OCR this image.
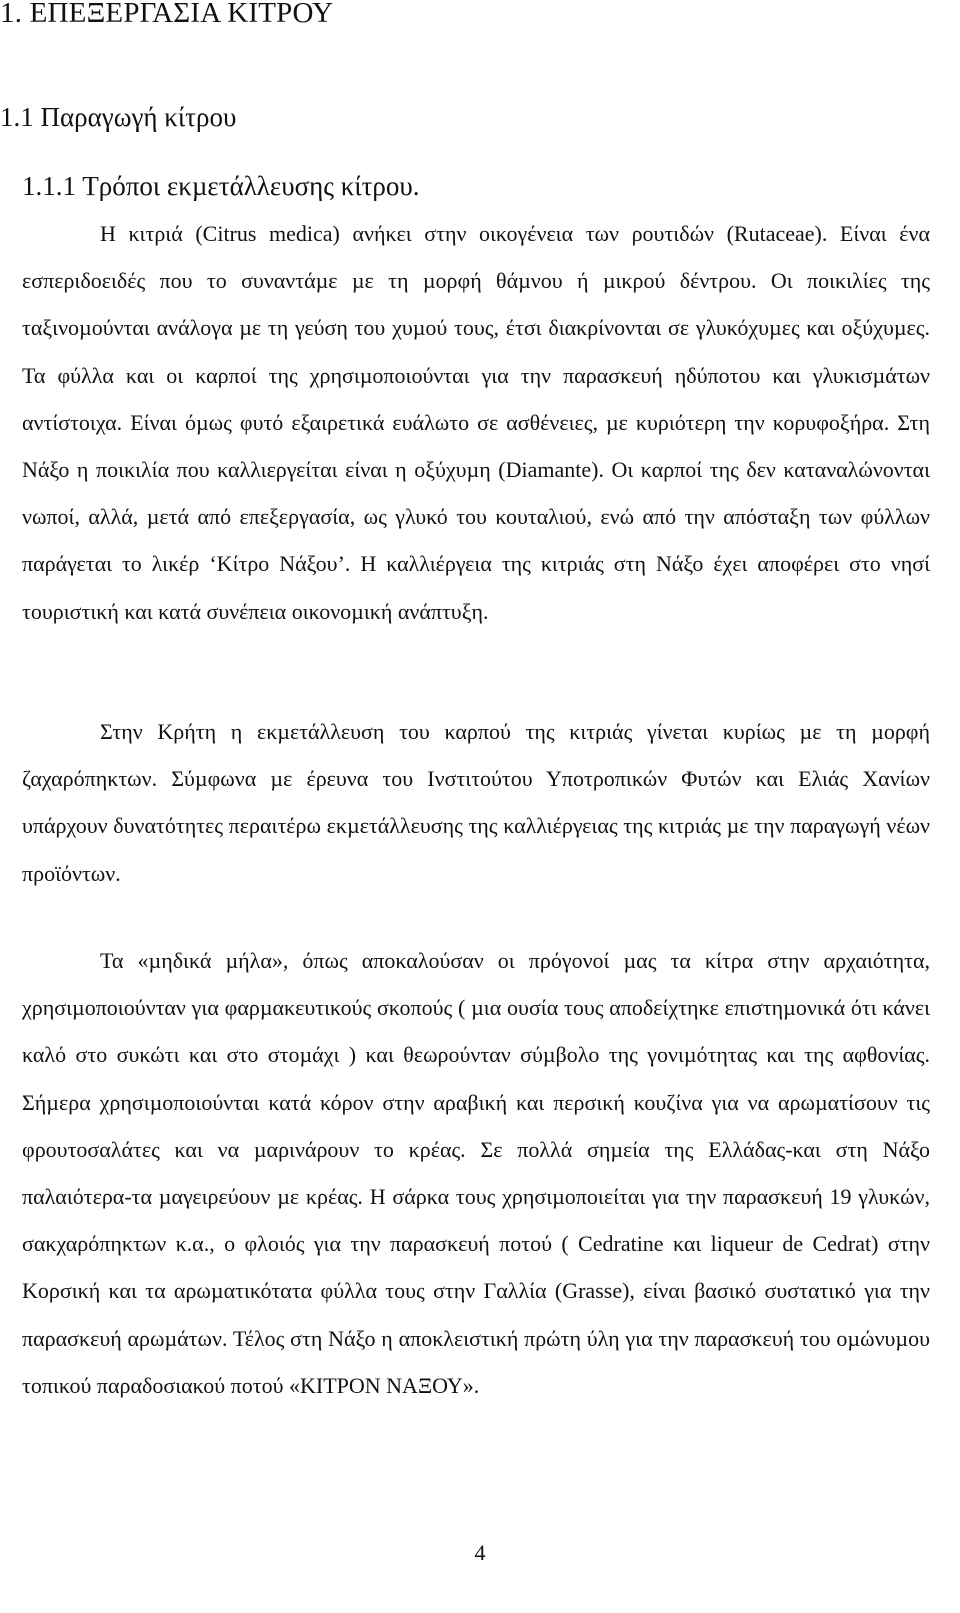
1. ΕΠΕΞΕΡΓΑΣΙΑ ΚΙΤΡΟΥ
1.1 Παραγωγή κίτρου
1.1.1 Τρόποι εκµετάλλευσης κίτρου.

Η κιτριά (Citrus medica) ανήκει στην οικογένεια των ρουτιδών (Rutaceae). Είναι ένα εσπεριδοειδές που το συναντάµε µε τη µορφή θάµνου ή µικρού δέντρου. Οι ποικιλίες της ταξινοµούνται ανάλογα µε τη γεύση του χυµού τους, έτσι διακρίνονται σε γλυκόχυµες και οξύχυµες. Τα φύλλα και οι καρποί της χρησιµοποιούνται για την παρασκευή ηδύποτου και γλυκισµάτων αντίστοιχα. Είναι όµως φυτό εξαιρετικά ευάλωτο σε ασθένειες, µε κυριότερη την κορυφοξήρα. Στη Νάξο η ποικιλία που καλλιεργείται είναι η οξύχυµη (Diamante). Οι καρποί της δεν καταναλώνονται νωποί, αλλά, µετά από επεξεργασία, ως γλυκό του κουταλιού, ενώ από την απόσταξη των φύλλων παράγεται το λικέρ ‘Κίτρο Νάξου’. Η καλλιέργεια της κιτριάς στη Νάξο έχει αποφέρει στο νησί τουριστική και κατά συνέπεια οικονοµική ανάπτυξη.

Στην Κρήτη η εκµετάλλευση του καρπού της κιτριάς γίνεται κυρίως µε τη µορφή ζαχαρόπηκτων. Σύµφωνα µε έρευνα του Ινστιτούτου Υποτροπικών Φυτών και Ελιάς Χανίων υπάρχουν δυνατότητες περαιτέρω εκµετάλλευσης της καλλιέργειας της κιτριάς µε την παραγωγή νέων προϊόντων.

Τα «µηδικά µήλα», όπως αποκαλούσαν οι πρόγονοί µας τα κίτρα στην αρχαιότητα, χρησιµοποιούνταν για φαρµακευτικούς σκοπούς ( µια ουσία τους αποδείχτηκε επιστηµονικά ότι κάνει καλό στο συκώτι και στο στοµάχι ) και θεωρούνταν σύµβολο της γονιµότητας και της αφθονίας. Σήµερα χρησιµοποιούνται κατά κόρον στην αραβική και περσική κουζίνα για να αρωµατίσουν τις φρουτοσαλάτες και να µαρινάρουν το κρέας. Σε πολλά σηµεία της Ελλάδας-και στη Νάξο παλαιότερα-τα µαγειρεύουν µε κρέας. Η σάρκα τους χρησιµοποιείται για την παρασκευή 19 γλυκών, σακχαρόπηκτων κ.α., ο φλοιός για την παρασκευή ποτού ( Cedratine και liqueur de Cedrat) στην Κορσική και τα αρωµατικότατα φύλλα τους στην Γαλλία (Grasse), είναι βασικό συστατικό για την παρασκευή αρωµάτων. Τέλος στη Νάξο η αποκλειστική πρώτη ύλη για την παρασκευή του οµώνυµου τοπικού παραδοσιακού ποτού «ΚΙΤΡΟΝ ΝΑΞΟΥ».

4
